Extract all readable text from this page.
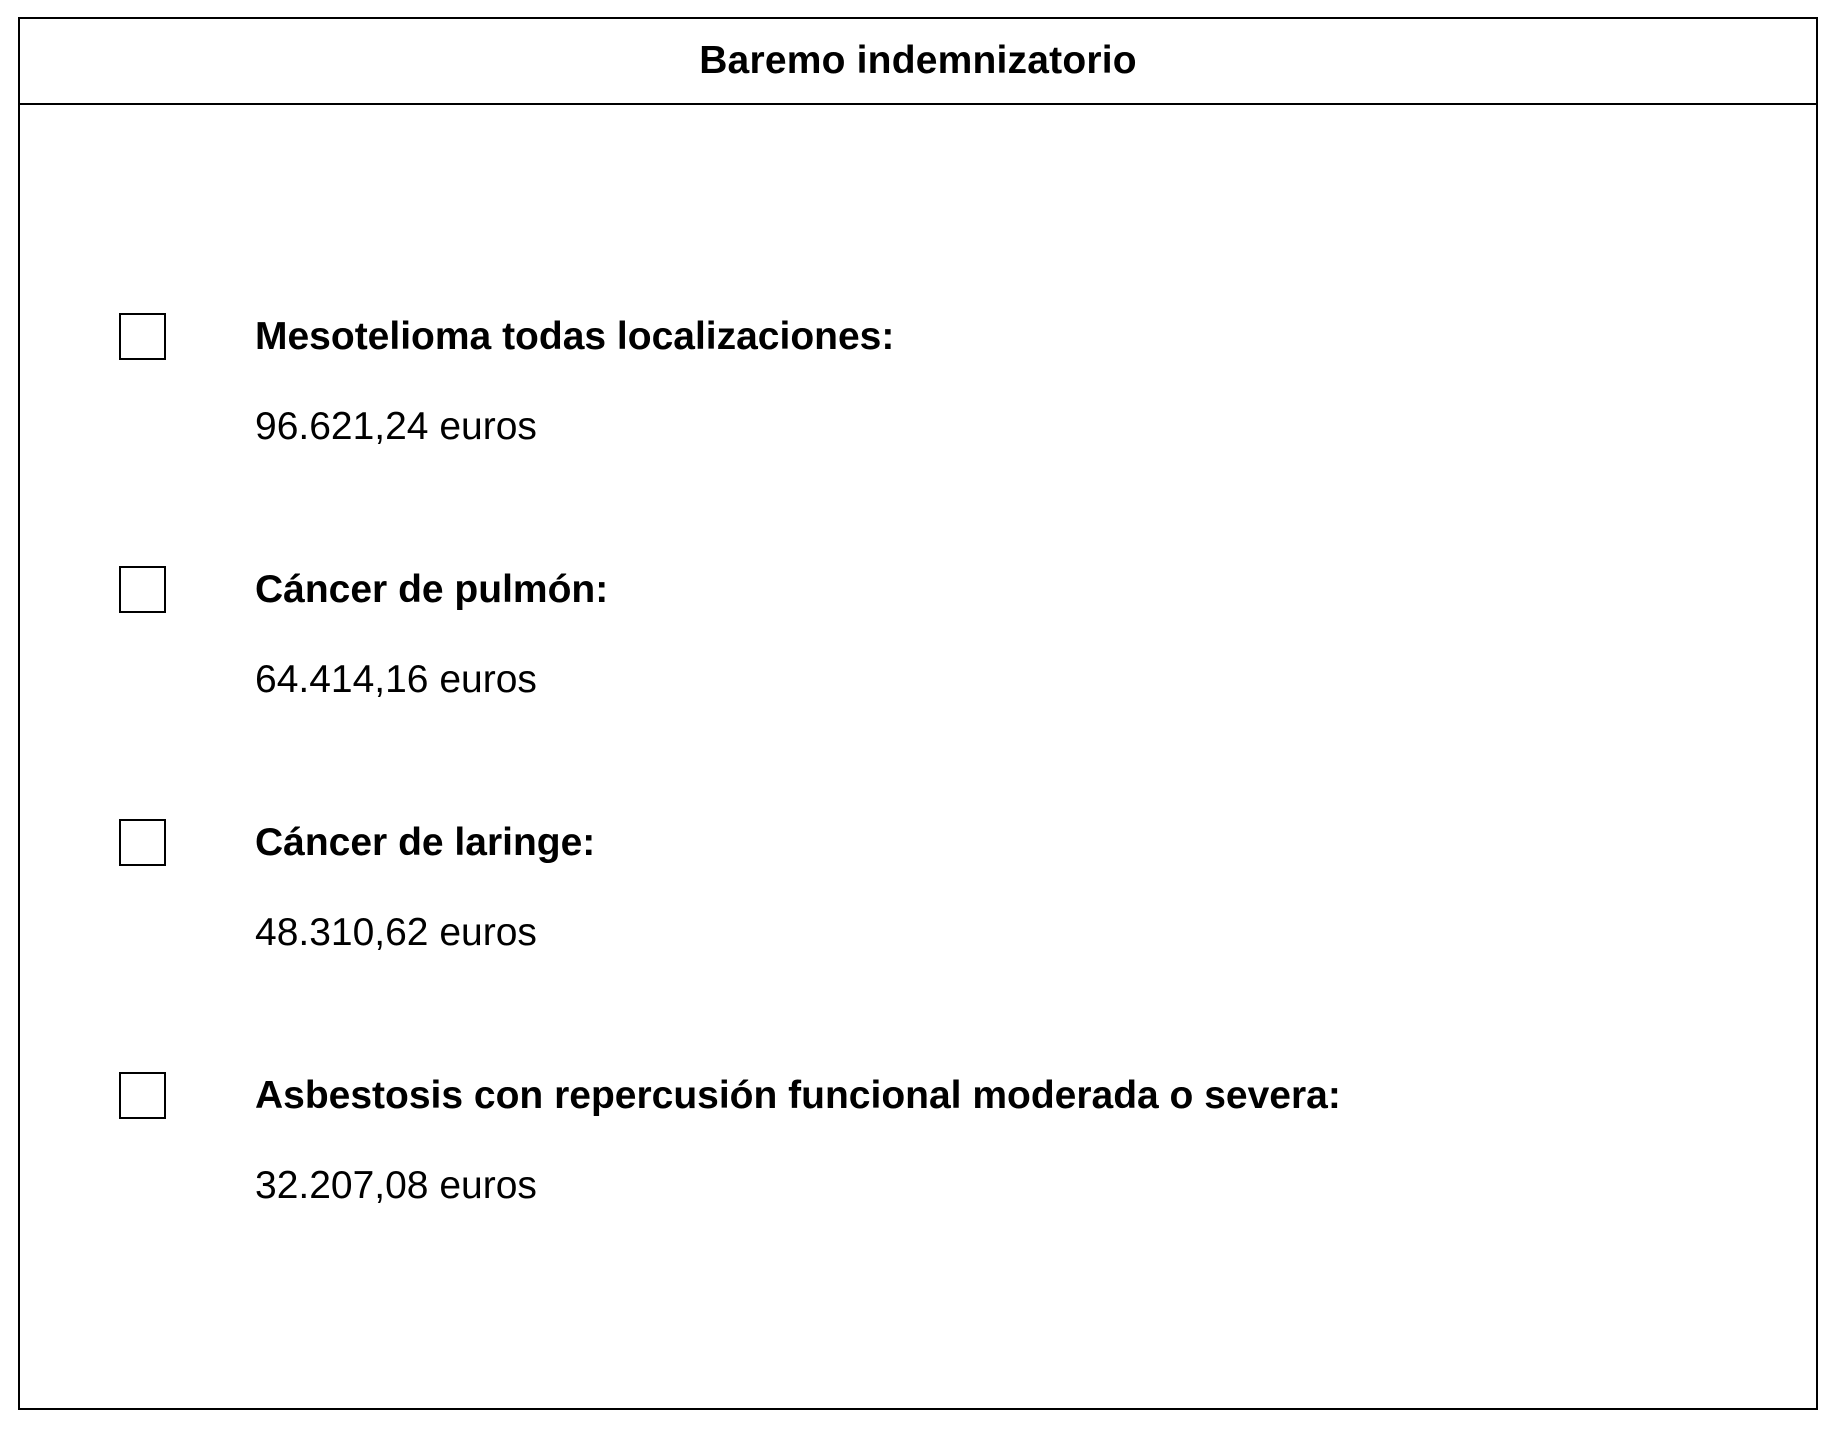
Baremo indemnizatorio
Mesotelioma todas localizaciones:
96.621,24 euros
Cáncer de pulmón:
64.414,16 euros
Cáncer de laringe:
48.310,62 euros
Asbestosis con repercusión funcional moderada o severa:
32.207,08 euros
